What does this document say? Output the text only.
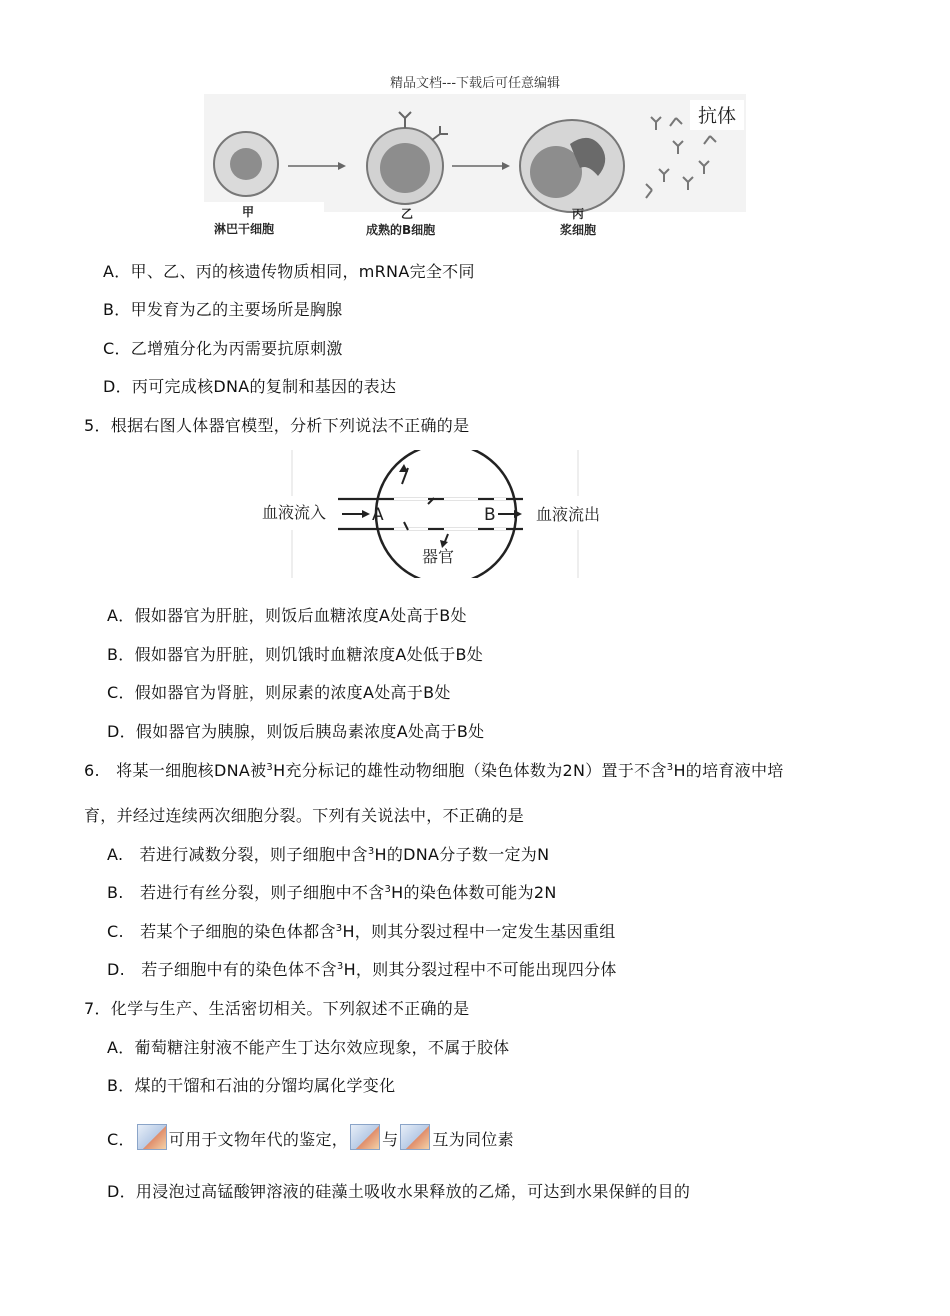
精品文档---下载后可任意编辑
抗体
甲
淋巴干细胞
乙
成熟的B细胞
丙
浆细胞
A．甲、乙、丙的核遗传物质相同，mRNA完全不同
B．甲发育为乙的主要场所是胸腺
C．乙增殖分化为丙需要抗原刺激
D．丙可完成核DNA的复制和基因的表达
5．根据右图人体器官模型，分析下列说法不正确的是
血液流入	血液流出
A	B
器官
A．假如器官为肝脏，则饭后血糖浓度A处高于B处
B．假如器官为肝脏，则饥饿时血糖浓度A处低于B处
C．假如器官为肾脏，则尿素的浓度A处高于B处
D．假如器官为胰腺，则饭后胰岛素浓度A处高于B处
6.　将某一细胞核DNA被$^3$H充分标记的雄性动物细胞（染色体数为2N）置于不含$^3$H的培育液中培
育，并经过连续两次细胞分裂。下列有关说法中，不正确的是
A.　若进行减数分裂，则子细胞中含$^3$H的DNA分子数一定为N
B.　若进行有丝分裂，则子细胞中不含$^3$H的染色体数可能为2N
C.　若某个子细胞的染色体都含$^3$H，则其分裂过程中一定发生基因重组
D.　若子细胞中有的染色体不含$^3$H，则其分裂过程中不可能出现四分体
7．化学与生产、生活密切相关。下列叙述不正确的是
A．葡萄糖注射液不能产生丁达尔效应现象，不属于胶体
B．煤的干馏和石油的分馏均属化学变化
C． 可用于文物年代的鉴定， 与 互为同位素
D．用浸泡过高锰酸钾溶液的硅藻土吸收水果释放的乙烯，可达到水果保鲜的目的
